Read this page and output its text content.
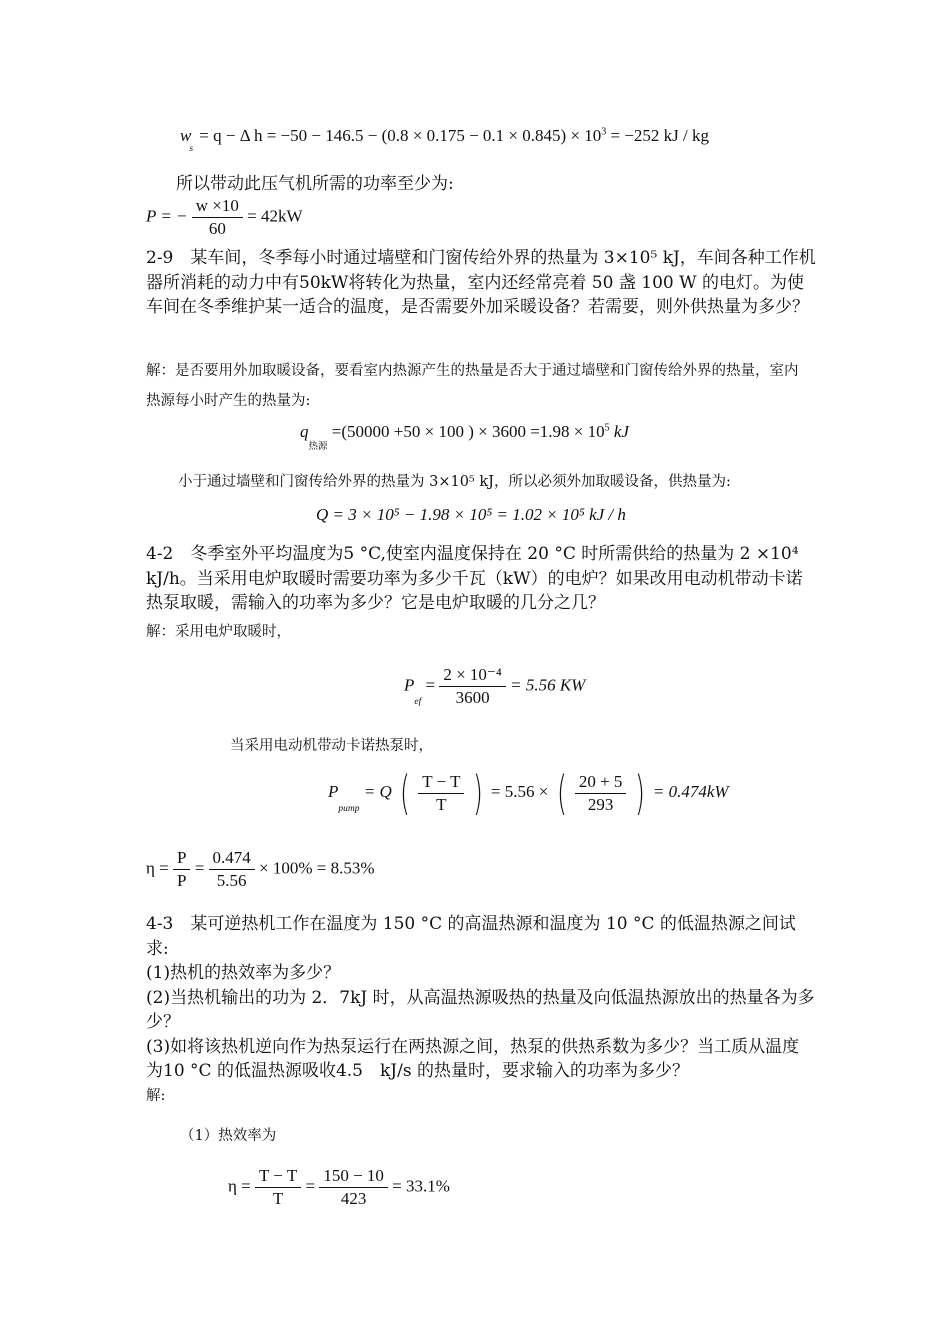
$w_s = q - \Delta$ $h = -50 - 146.5 - (0.8 \times 0.175 - 0.1 \times 0.845) \times 10^3 = -252$ kJ / kg
所以带动此压气机所需的功率至少为:
P = − $\frac{w \times 10}{60} = 42kW$
2-9　某车间，冬季每小时通过墙壁和门窗传给外界的热量为 3×10⁵ kJ，车间各种工作机器所消耗的动力中有50kW将转化为热量，室内还经常亮着 50 盏 100 W 的电灯。为使车间在冬季维护某一适合的温度，是否需要外加采暖设备？若需要，则外供热量为多少？
解：是否要用外加取暖设备，要看室内热源产生的热量是否大于通过墙壁和门窗传给外界的热量，室内热源每小时产生的热量为:
$q_{热源} =(50000 +50 \times 100$ ) × $3600 =1.98 \times 10^5$ kJ
小于通过墙壁和门窗传给外界的热量为 3×10⁵ kJ，所以必须外加取暖设备，供热量为:
Q = 3 × 10⁵ − 1.98 × 10⁵ = 1.02 × 10⁵ kJ / h
4-2　冬季室外平均温度为5 °C,使室内温度保持在 20 °C 时所需供给的热量为 2 ×10⁴ kJ/h。当采用电炉取暖时需要功率为多少千瓦（kW）的电炉？如果改用电动机带动卡诺热泵取暖，需输入的功率为多少？它是电炉取暖的几分之几？
解：采用电炉取暖时，
$P_{ef} = \frac{\text{2 × 10⁻⁴}}{3600} = 5.56$ KW
当采用电动机带动卡诺热泵时，
$P_{pump} = Q$ ( $\frac{T - T}{T}$ ) = 5.56 × ( $\frac{20 + 5}{293}$ ) = 0.474kW
$\eta = \frac{P}{P} = \frac{0.474}{5.56} \times 100\% = 8.53\%$
4-3　某可逆热机工作在温度为 150 °C 的高温热源和温度为 10 °C 的低温热源之间试求:
(1)热机的热效率为多少？
(2)当热机输出的功为 2．7kJ 时，从高温热源吸热的热量及向低温热源放出的热量各为多少？
(3)如将该热机逆向作为热泵运行在两热源之间，热泵的供热系数为多少？当工质从温度为10 °C 的低温热源吸收4.5　kJ/s 的热量时，要求输入的功率为多少？
解:
（1）热效率为
$\eta = \frac{T - T}{T} = \frac{150 - 10}{423} = 33.1\%$
